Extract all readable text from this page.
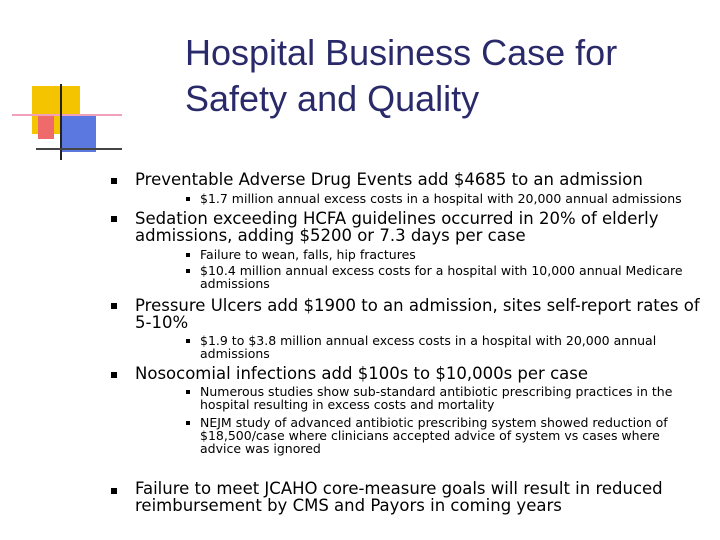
Hospital Business Case for
Safety and Quality
Preventable Adverse Drug Events add $4685 to an admission
$1.7 million annual excess costs in a hospital with 20,000 annual admissions
Sedation exceeding HCFA guidelines occurred in 20% of elderly admissions, adding $5200 or 7.3 days per case
Failure to wean, falls, hip fractures
$10.4 million annual excess costs for a hospital with 10,000 annual Medicare admissions
Pressure Ulcers add $1900 to an admission, sites self-report rates of 5-10%
$1.9 to $3.8 million annual excess costs in a hospital with 20,000 annual admissions
Nosocomial infections add $100s to $10,000s per case
Numerous studies show sub-standard antibiotic prescribing practices in the hospital resulting in excess costs and mortality
NEJM study of advanced antibiotic prescribing system showed reduction of $18,500/case where clinicians accepted advice of system vs cases where advice was ignored
Failure to meet JCAHO core-measure goals will result in reduced reimbursement by CMS and Payors in coming years
